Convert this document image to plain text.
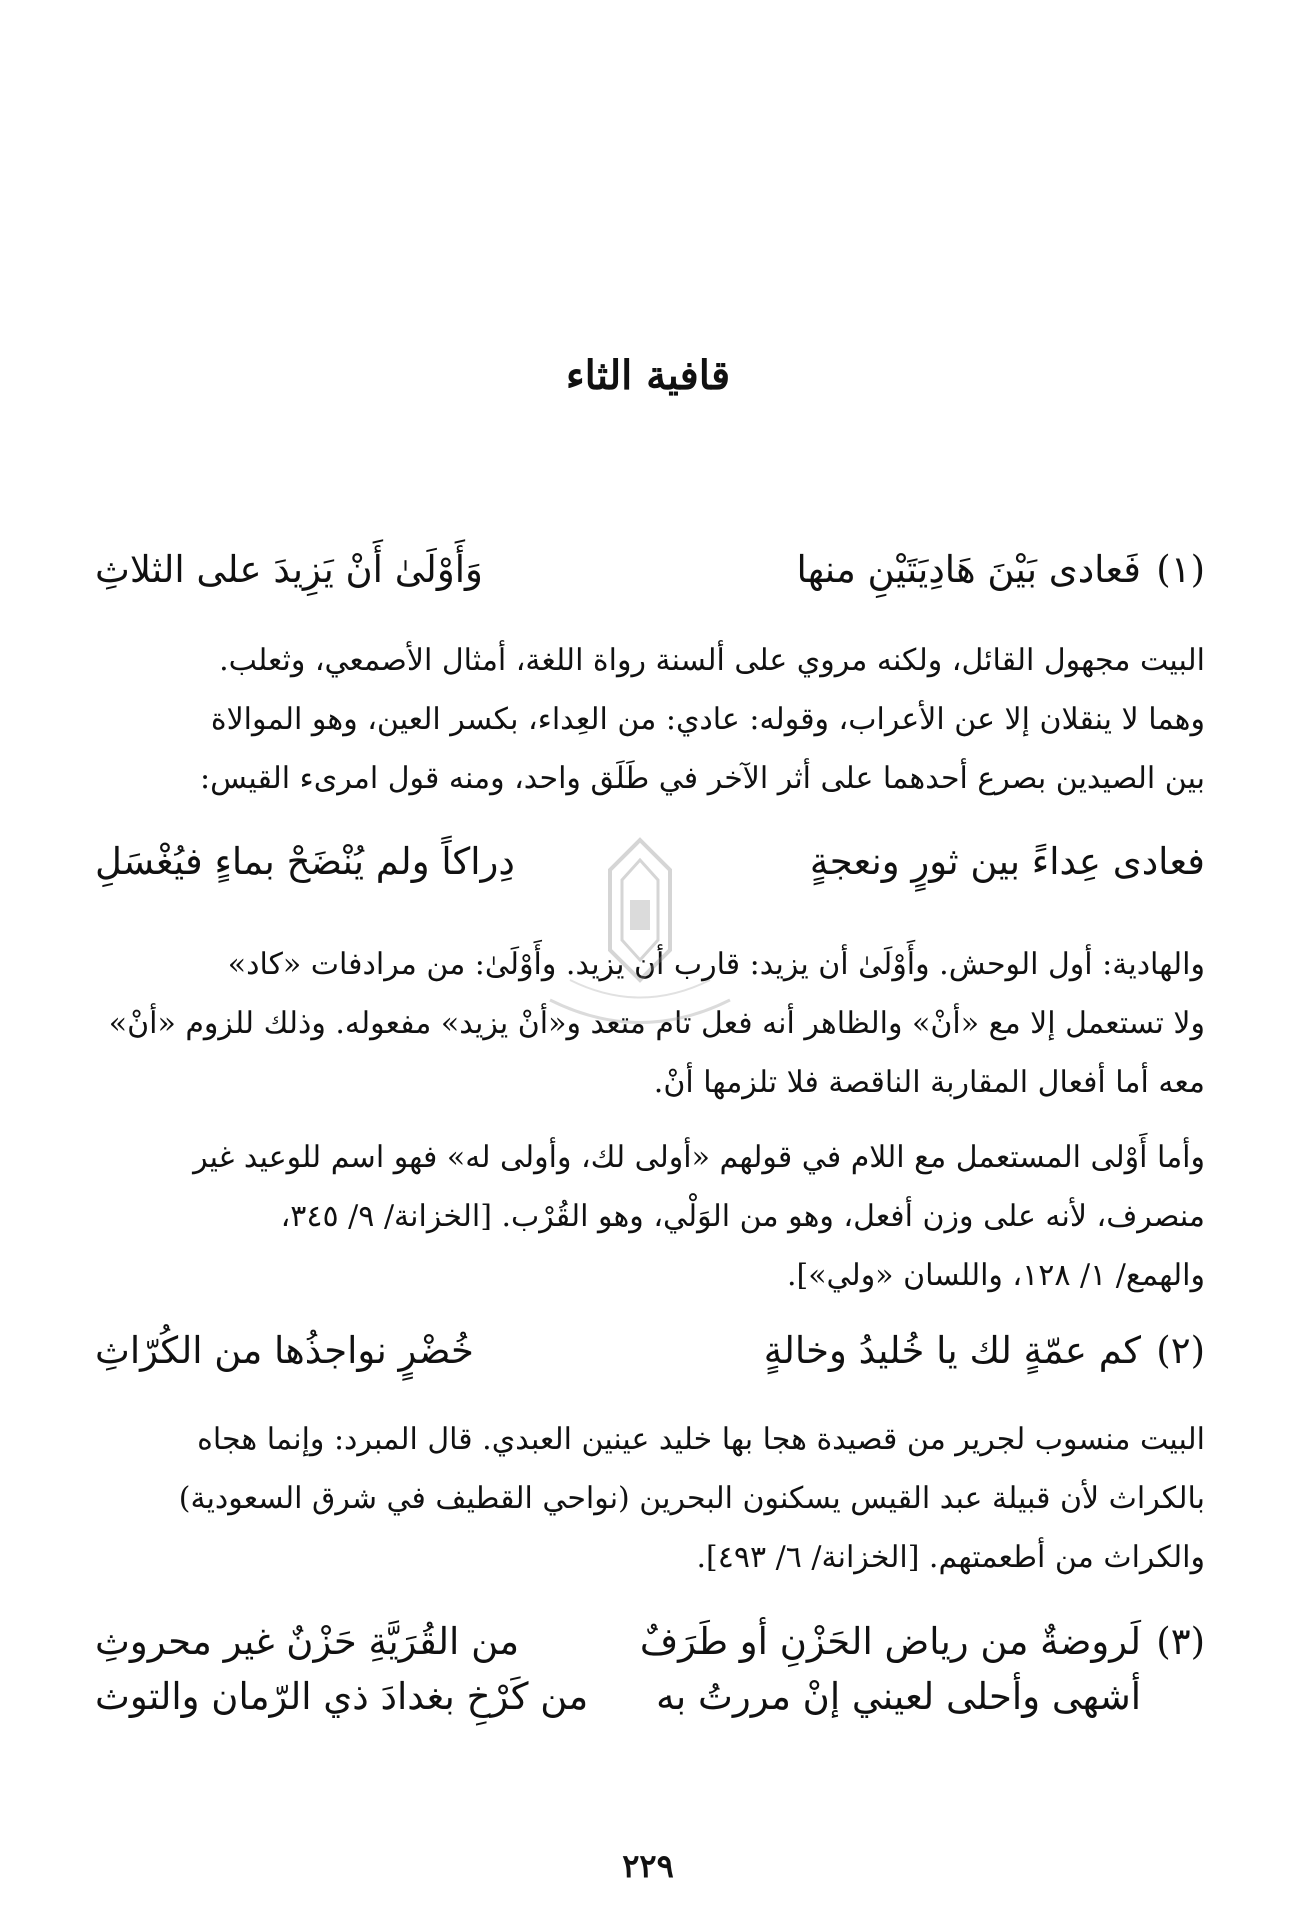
قافية الثاء
(١)
فَعادى بَيْنَ هَادِيَتَيْنِ منها
وَأَوْلَىٰ أَنْ يَزِيدَ على الثلاثِ
البيت مجهول القائل، ولكنه مروي على ألسنة رواة اللغة، أمثال الأصمعي، وثعلب.
وهما لا ينقلان إلا عن الأعراب، وقوله: عادي: من العِداء، بكسر العين، وهو الموالاة
بين الصيدين بصرع أحدهما على أثر الآخر في طَلَق واحد، ومنه قول امرىء القيس:
فعادى عِداءً بين ثورٍ ونعجةٍ
دِراكاً ولم يُنْضَحْ بماءٍ فيُغْسَلِ
والهادية: أول الوحش. وأَوْلَىٰ أن يزيد: قارب أن يزيد. وأَوْلَىٰ: من مرادفات «كاد»
ولا تستعمل إلا مع «أنْ» والظاهر أنه فعل تام متعد و«أنْ يزيد» مفعوله. وذلك للزوم «أنْ»
معه أما أفعال المقاربة الناقصة فلا تلزمها أنْ.
وأما أَوْلى المستعمل مع اللام في قولهم «أولى لك، وأولى له» فهو اسم للوعيد غير
منصرف، لأنه على وزن أفعل، وهو من الوَلْي، وهو القُرْب. [الخزانة/ ٩/ ٣٤٥،
والهمع/ ١/ ١٢٨، واللسان «ولي»].
(٢)
كم عمّةٍ لك يا خُليدُ وخالةٍ
خُضْرٍ نواجذُها من الكُرّاثِ
البيت منسوب لجرير من قصيدة هجا بها خليد عينين العبدي. قال المبرد: وإنما هجاه
بالكراث لأن قبيلة عبد القيس يسكنون البحرين (نواحي القطيف في شرق السعودية)
والكراث من أطعمتهم. [الخزانة/ ٦/ ٤٩٣].
(٣)
لَروضةٌ من رياض الحَزْنِ أو طَرَفٌ
من القُرَيَّةِ حَزْنٌ غير محروثِ
أشهى وأحلى لعيني إنْ مررتُ به
من كَرْخِ بغدادَ ذي الرّمان والتوث
٢٢٩
